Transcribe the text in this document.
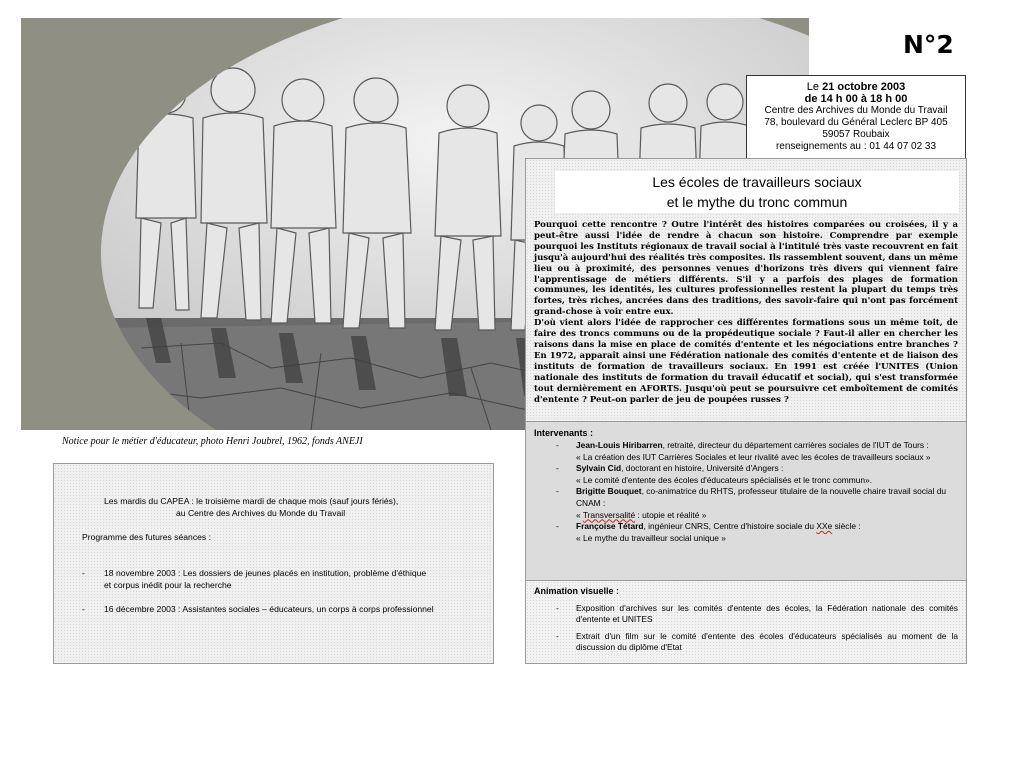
Notice pour le métier d'éducateur, photo Henri Joubrel, 1962, fonds ANEJI
N°2
Le 21 octobre 2003
de 14 h 00 à 18 h 00
Centre des Archives du Monde du Travail
78, boulevard du Général Leclerc BP 405
59057 Roubaix
renseignements au : 01 44 07 02 33
Les écoles de travailleurs sociaux
et le mythe du tronc commun

Pourquoi cette rencontre ? Outre l'intérêt des histoires comparées ou croisées, il y a peut-être aussi l'idée de rendre à chacun son histoire. Comprendre par exemple pourquoi les Instituts régionaux de travail social à l'intitulé très vaste recouvrent en fait jusqu'à aujourd'hui des réalités très composites. Ils rassemblent souvent, dans un même lieu ou à proximité, des personnes venues d'horizons très divers qui viennent faire l'apprentissage de métiers différents. S'il y a parfois des plages de formation communes, les identités, les cultures professionnelles restent la plupart du temps très fortes, très riches, ancrées dans des traditions, des savoir-faire qui n'ont pas forcément grand-chose à voir entre eux.

D'où vient alors l'idée de rapprocher ces différentes formations sous un même toit, de faire des troncs communs ou de la propédeutique sociale ? Faut-il aller en chercher les raisons dans la mise en place de comités d'entente et les négociations entre branches ? En 1972, apparaît ainsi une Fédération nationale des comités d'entente et de liaison des instituts de formation de travailleurs sociaux. En 1991 est créée l'UNITES (Union nationale des instituts de formation du travail éducatif et social), qui s'est transformée tout dernièrement en AFORTS. Jusqu'où peut se poursuivre cet emboîtement de comités d'entente ? Peut-on parler de jeu de poupées russes ?

Intervenants :
- Jean-Louis Hiribarren, retraité, directeur du département carrières sociales de l'IUT de Tours :
« La création des IUT Carrières Sociales et leur rivalité avec les écoles de travailleurs sociaux »
- Sylvain Cid, doctorant en histoire, Université d'Angers :
« Le comité d'entente des écoles d'éducateurs spécialisés et le tronc commun».
- Brigitte Bouquet, co-animatrice du RHTS, professeur titulaire de la nouvelle chaire travail social du CNAM :
« Transversalité : utopie et réalité »
- Françoise Tétard, ingénieur CNRS, Centre d'histoire sociale du XXe siècle :
« Le mythe du travailleur social unique »
Animation visuelle :
- Exposition d'archives sur les comités d'entente des écoles, la Fédération nationale des comités d'entente et UNITES
- Extrait d'un film sur le comité d'entente des écoles d'éducateurs spécialisés au moment de la discussion du diplôme d'Etat
Les mardis du CAPEA : le troisième mardi de chaque mois (sauf jours fériés),
au Centre des Archives du Monde du Travail
Programme des futures séances :
- 18 novembre 2003 : Les dossiers de jeunes placés en institution, problème d'éthique
et corpus inédit pour la recherche
- 16 décembre 2003 : Assistantes sociales – éducateurs, un corps à corps professionnel
